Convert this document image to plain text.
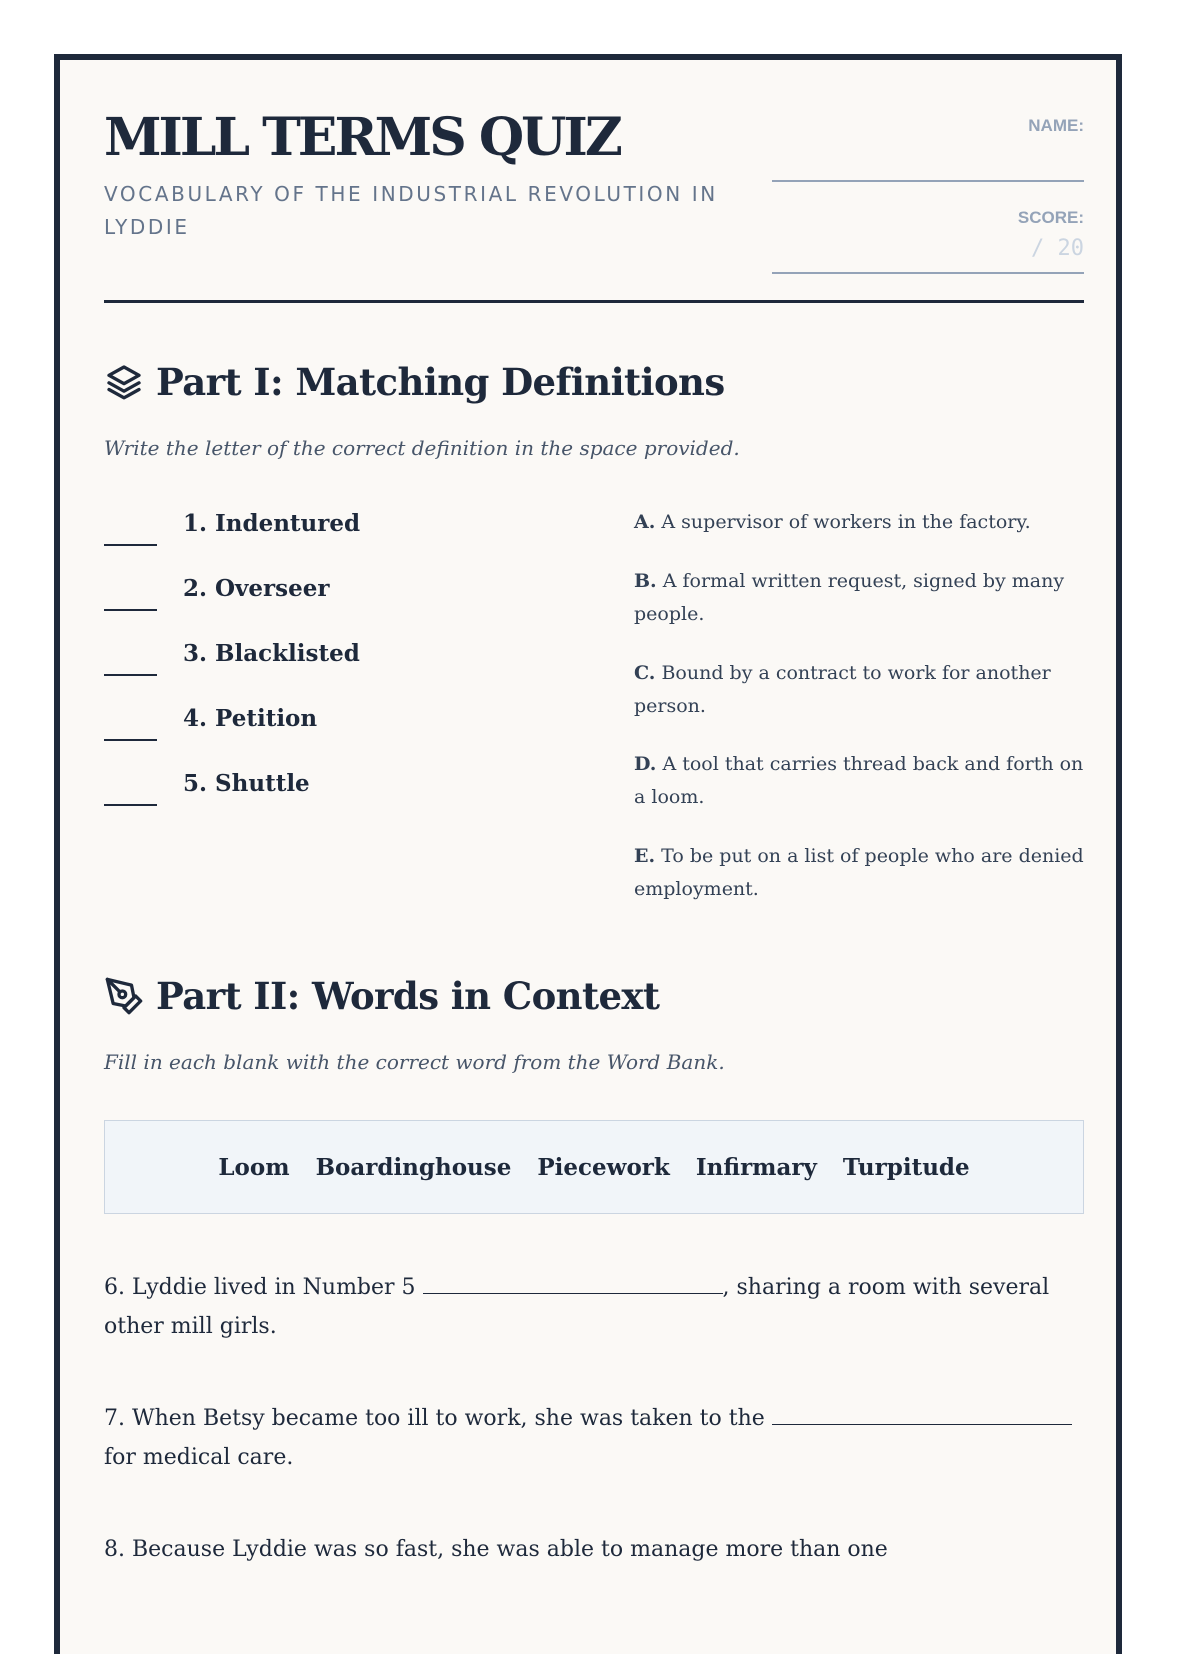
MILL TERMS QUIZ
VOCABULARY OF THE INDUSTRIAL REVOLUTION IN LYDDIE
NAME:
SCORE:
/ 20
Part I: Matching Definitions
Write the letter of the correct definition in the space provided.
1. Indentured
2. Overseer
3. Blacklisted
4. Petition
5. Shuttle
A. A supervisor of workers in the factory.
B. A formal written request, signed by many people.
C. Bound by a contract to work for another person.
D. A tool that carries thread back and forth on a loom.
E. To be put on a list of people who are denied employment.
Part II: Words in Context
Fill in each blank with the correct word from the Word Bank.
Loom Boardinghouse Piecework Infirmary Turpitude
6. Lyddie lived in Number 5	, sharing a room with several other mill girls.
7. When Betsy became too ill to work, she was taken to the  for medical care.
8. Because Lyddie was so fast, she was able to manage more than one
